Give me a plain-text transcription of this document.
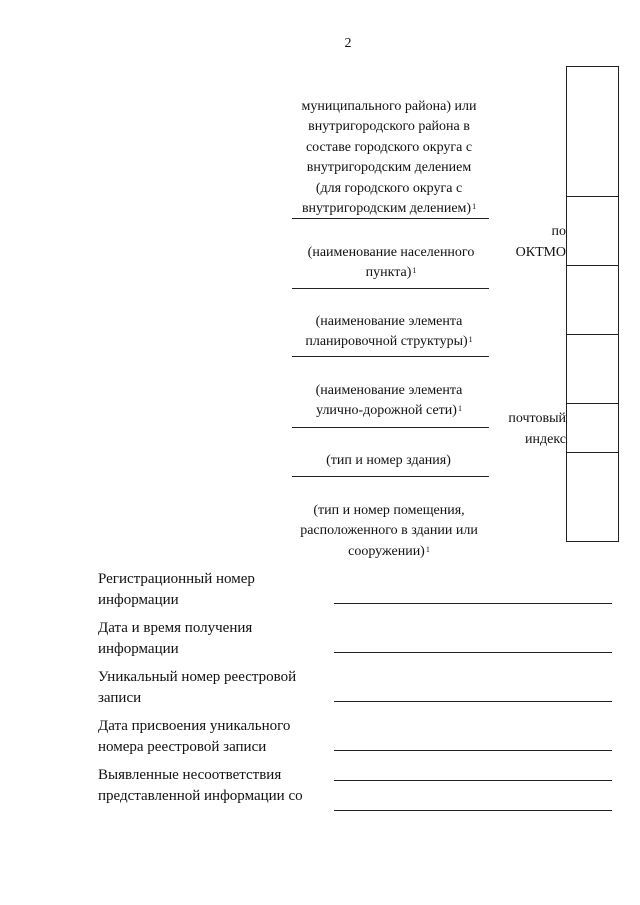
2

муниципального района) или
внутригородского района в
составе городского округа с
внутригородским делением
(для городского округа с
внутригородским делением)$^1$

(наименование населенного
пункта)$^1$

(наименование элемента
планировочной структуры)$^1$

(наименование элемента
улично-дорожной сети)$^1$

(тип и номер здания)

(тип и номер помещения,
расположенного в здании или
сооружении)$^1$

по
ОКТМО
почтовый
индекс
Регистрационный номер
информации
Дата и время получения
информации
Уникальный номер реестровой
записи
Дата присвоения уникального
номера реестровой записи
Выявленные несоответствия
представленной информации со
